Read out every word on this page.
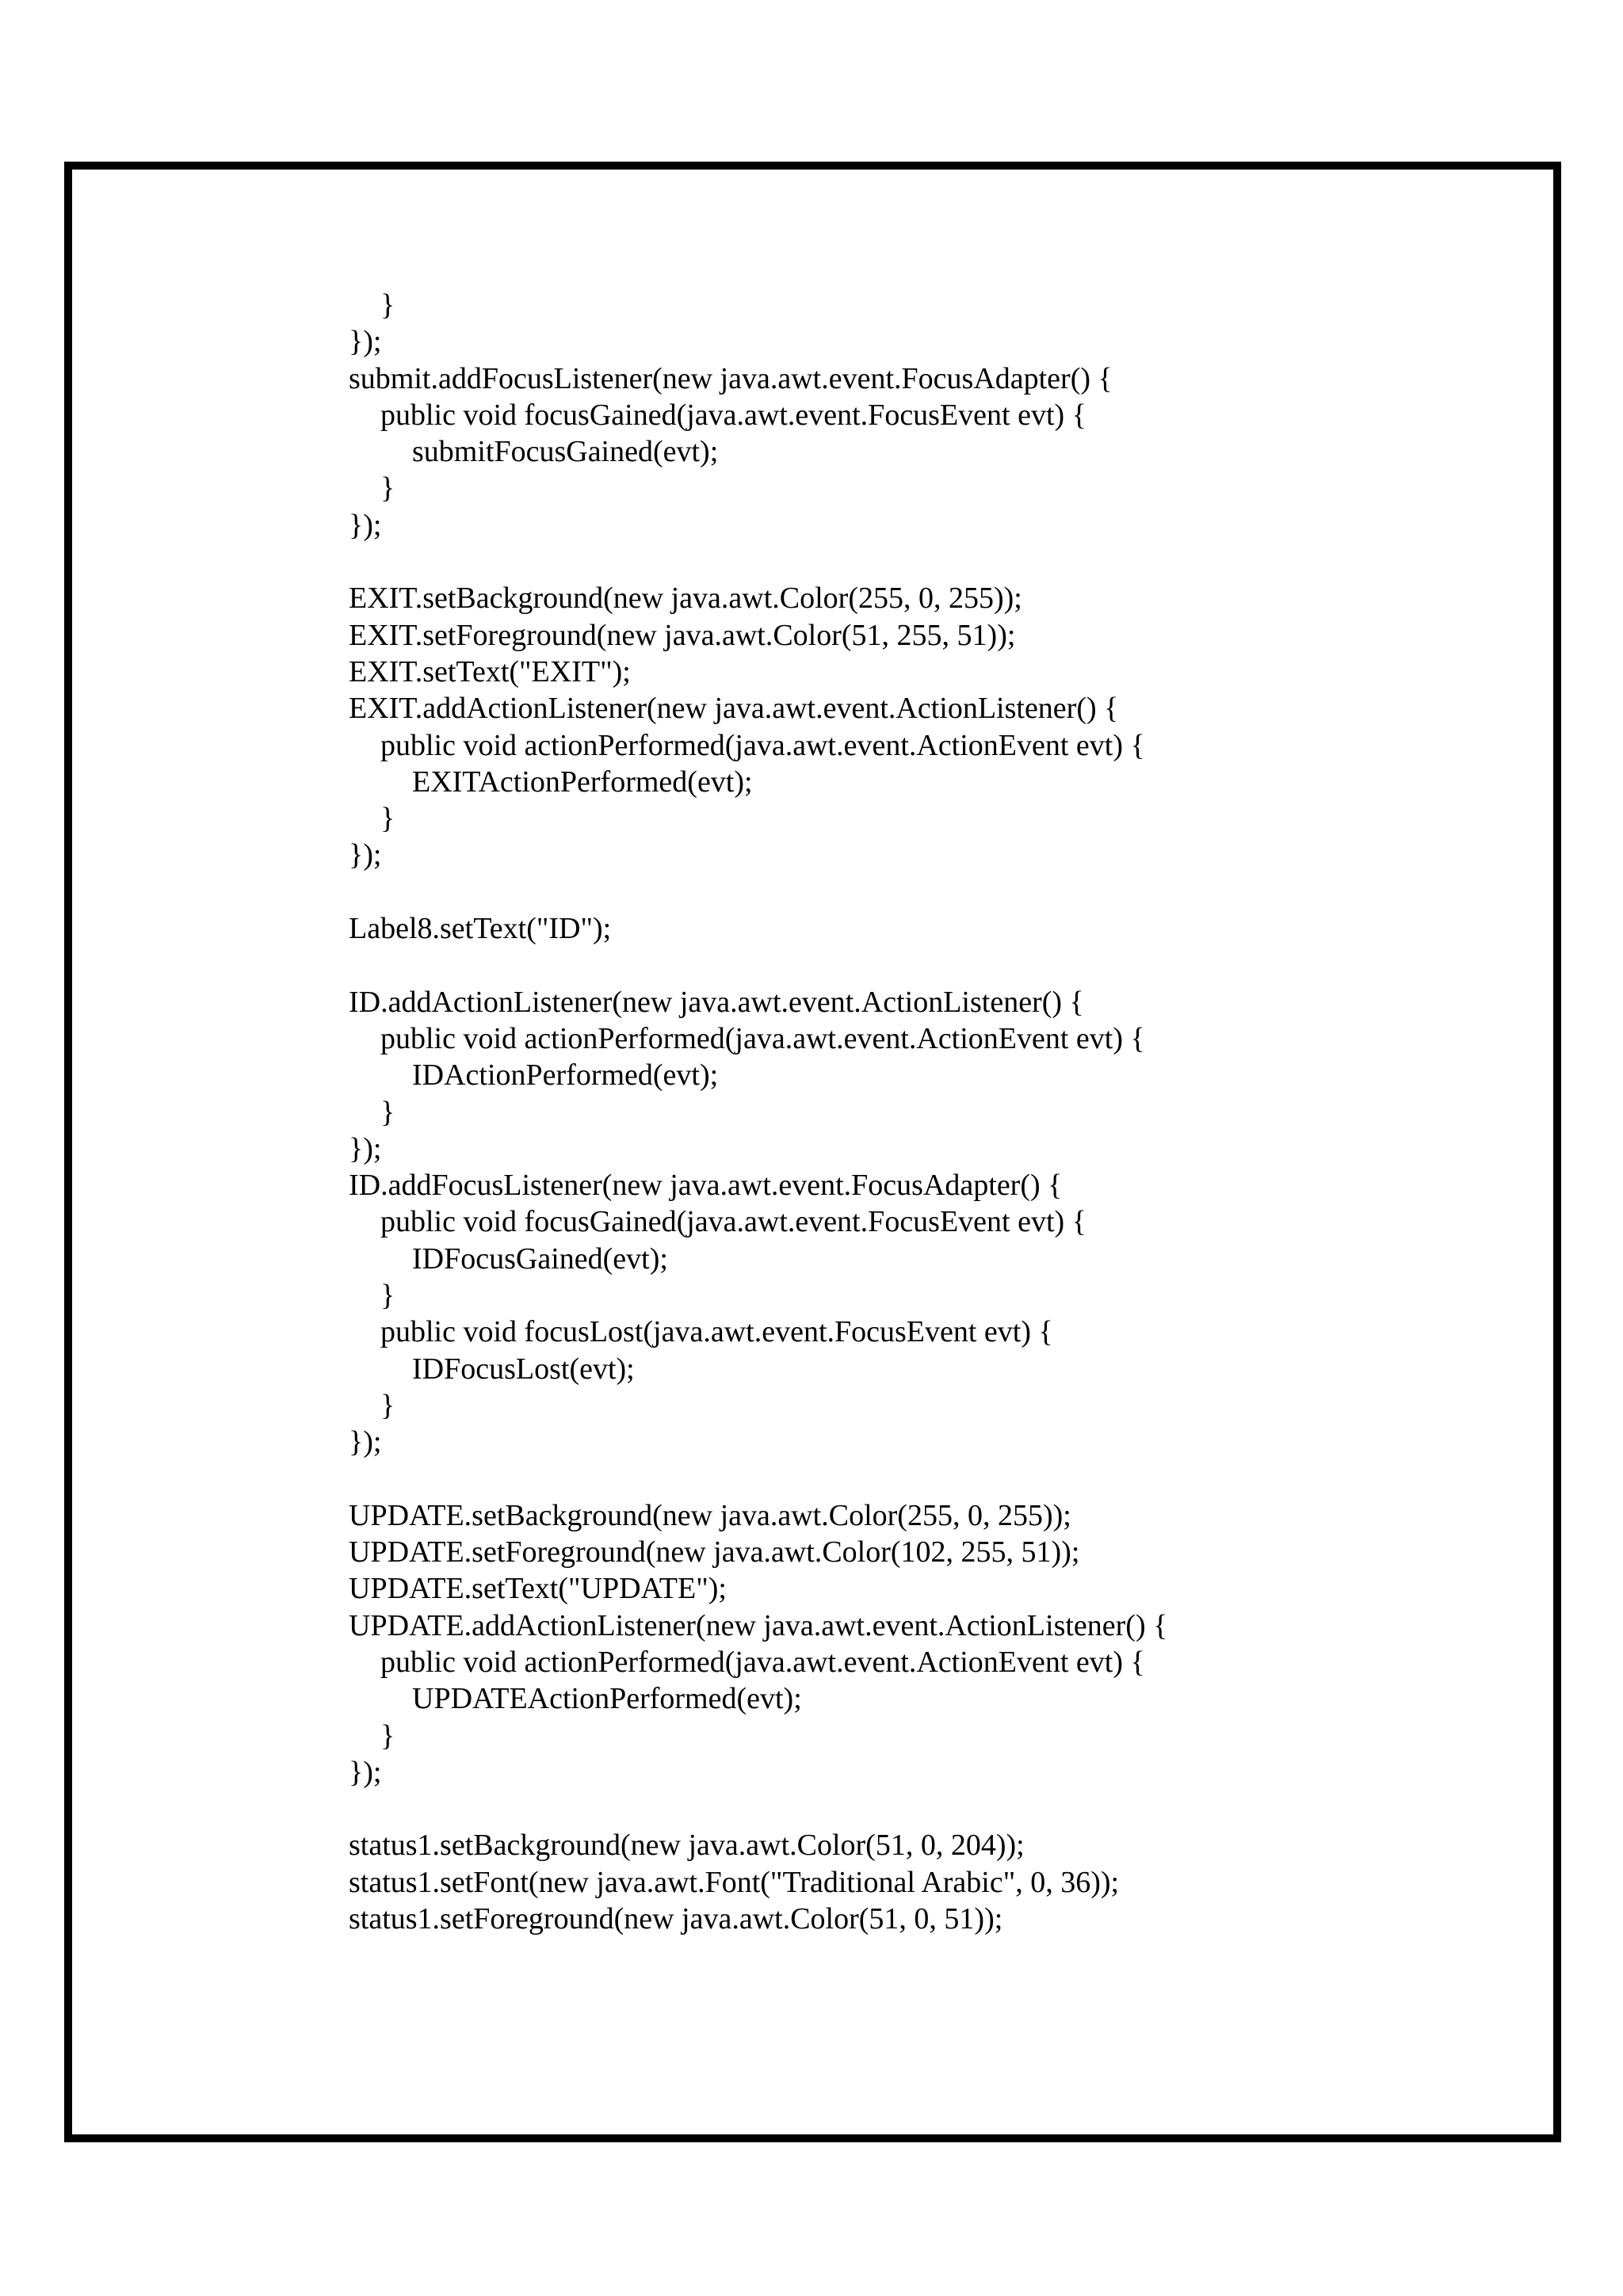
}
});
submit.addFocusListener(new java.awt.event.FocusAdapter() {
public void focusGained(java.awt.event.FocusEvent evt) {
submitFocusGained(evt);
}
});
EXIT.setBackground(new java.awt.Color(255, 0, 255));
EXIT.setForeground(new java.awt.Color(51, 255, 51));
EXIT.setText("EXIT");
EXIT.addActionListener(new java.awt.event.ActionListener() {
public void actionPerformed(java.awt.event.ActionEvent evt) {
EXITActionPerformed(evt);
}
});
Label8.setText("ID");
ID.addActionListener(new java.awt.event.ActionListener() {
public void actionPerformed(java.awt.event.ActionEvent evt) {
IDActionPerformed(evt);
}
});
ID.addFocusListener(new java.awt.event.FocusAdapter() {
public void focusGained(java.awt.event.FocusEvent evt) {
IDFocusGained(evt);
}
public void focusLost(java.awt.event.FocusEvent evt) {
IDFocusLost(evt);
}
});
UPDATE.setBackground(new java.awt.Color(255, 0, 255));
UPDATE.setForeground(new java.awt.Color(102, 255, 51));
UPDATE.setText("UPDATE");
UPDATE.addActionListener(new java.awt.event.ActionListener() {
public void actionPerformed(java.awt.event.ActionEvent evt) {
UPDATEActionPerformed(evt);
}
});
status1.setBackground(new java.awt.Color(51, 0, 204));
status1.setFont(new java.awt.Font("Traditional Arabic", 0, 36));
status1.setForeground(new java.awt.Color(51, 0, 51));
